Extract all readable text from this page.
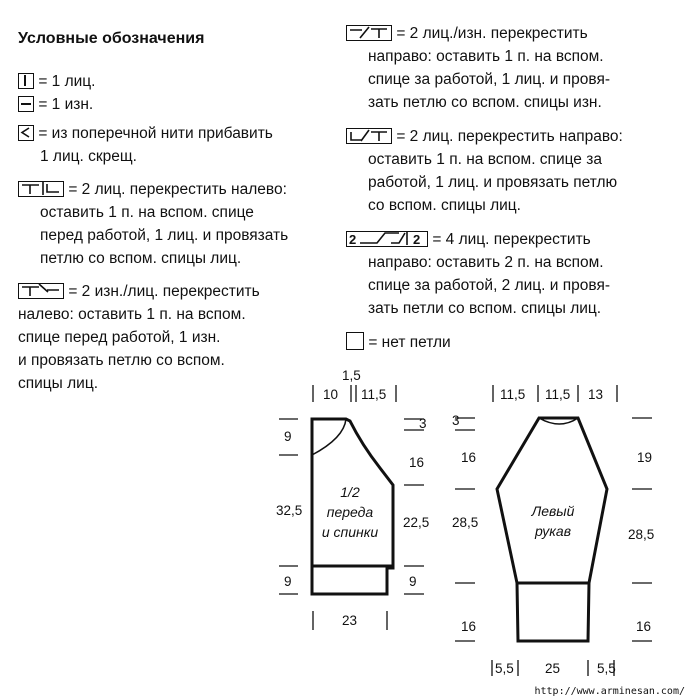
Условные обозначения
= 1 лиц.
= 1 изн.
= из поперечной нити прибавить
1 лиц. скрещ.
= 2 лиц. перекрестить налево:
оставить 1 п. на вспом. спице
перед работой, 1 лиц. и провязать
петлю со вспом. спицы лиц.
= 2 изн./лиц. перекрестить
налево: оставить 1 п. на вспом.
спице перед работой, 1 изн.
и провязать петлю со вспом.
спицы лиц.
= 2 лиц./изн. перекрестить
направо: оставить 1 п. на вспом.
спице за работой, 1 лиц. и провя-
зать петлю со вспом. спицы изн.
= 2 лиц. перекрестить направо:
оставить 1 п. на вспом. спице за
работой, 1 лиц. и провязать петлю
со вспом. спицы лиц.
2	2 = 4 лиц. перекрестить
направо: оставить 2 п. на вспом.
спице за работой, 2 лиц. и провя-
зать петли со вспом. спицы лиц.
= нет петли
1,5
10 11,5
9
32,5
9
3
16
22,5
9
23
1/2
переда
и спинки
11,5 11,5 13
3
16
28,5
16
19
28,5
16
5,5 25	5,5
Левый
рукав
http://www.arminesan.com/
